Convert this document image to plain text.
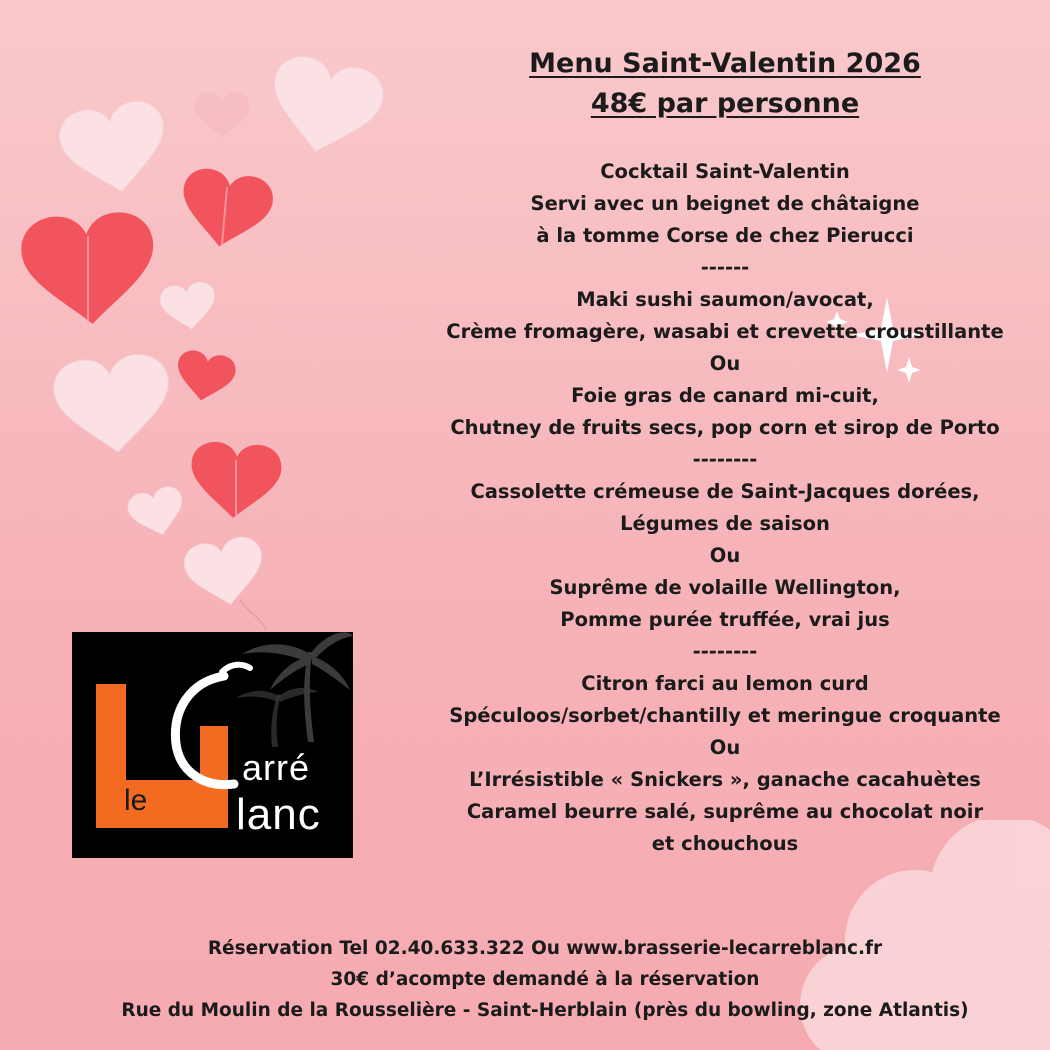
Menu Saint-Valentin 2026
48€ par personne
Cocktail Saint-Valentin
Servi avec un beignet de châtaigne
à la tomme Corse de chez Pierucci
------
Maki sushi saumon/avocat,
Crème fromagère, wasabi et crevette croustillante
Ou
Foie gras de canard mi-cuit,
Chutney de fruits secs, pop corn et sirop de Porto
--------
Cassolette crémeuse de Saint-Jacques dorées,
Légumes de saison
Ou
Suprême de volaille Wellington,
Pomme purée truffée, vrai jus
--------
Citron farci au lemon curd
Spéculoos/sorbet/chantilly et meringue croquante
Ou
L’Irrésistible « Snickers », ganache cacahuètes
Caramel beurre salé, suprême au chocolat noir
et chouchous
le
arré
lanc
Réservation Tel 02.40.633.322 Ou www.brasserie-lecarreblanc.fr
30€ d’acompte demandé à la réservation
Rue du Moulin de la Rousselière - Saint-Herblain (près du bowling, zone Atlantis)
